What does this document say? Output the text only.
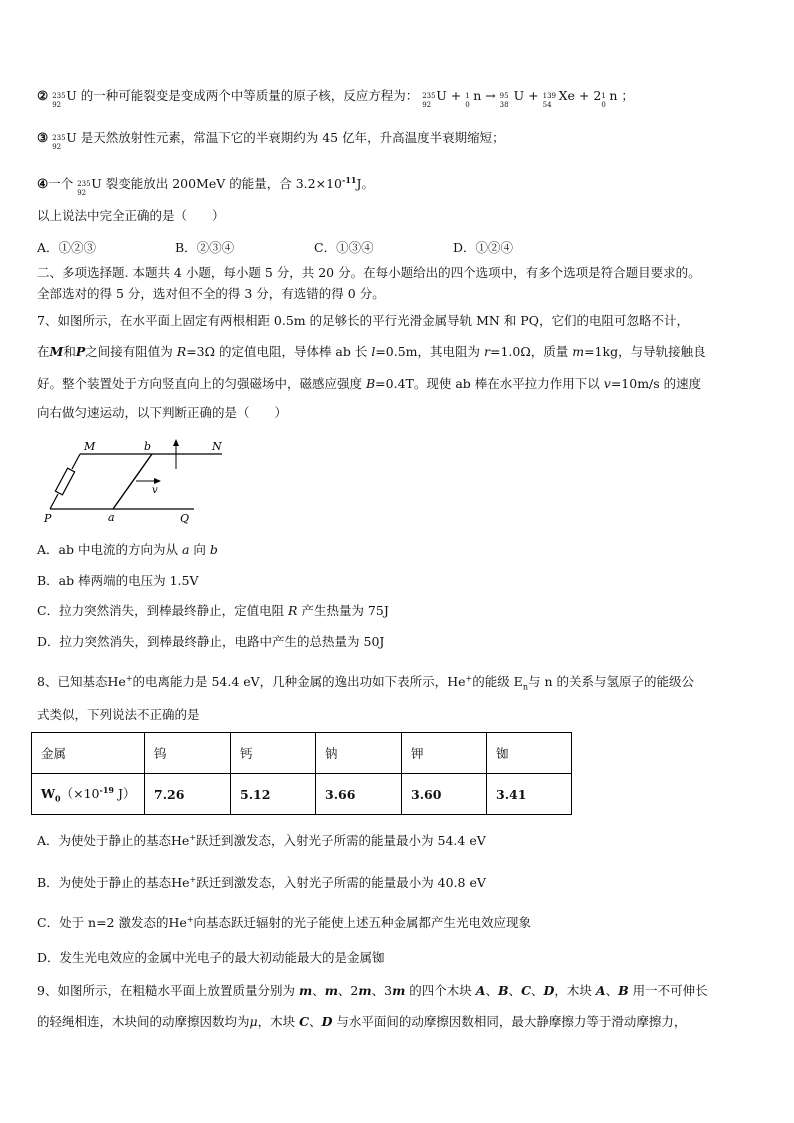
② 235
92
U 的一种可能裂变是变成两个中等质量的原子核，反应方程为： 235
92
U + 1
0
n → 95
38
U + 139
54
Xe + 2 1
0
n ；
③ 235
92
U 是天然放射性元素，常温下它的半衰期约为 45 亿年，升高温度半衰期缩短；
④一个 235
92
U 裂变能放出 200MeV 的能量，合 $3.2\times 10^{-11}J$。
以上说法中完全正确的是（　　）
A．①②③	B．②③④	C．①③④	D．①②④
二、多项选择题. 本题共 4 小题，每小题 5 分，共 20 分。在每小题给出的四个选项中，有多个选项是符合题目要求的。
全部选对的得 5 分，选对但不全的得 3 分，有选错的得 0 分。
7、如图所示，在水平面上固定有两根相距 0.5m 的足够长的平行光滑金属导轨 MN 和 PQ，它们的电阻可忽略不计，
在M和P之间接有阻值为 R=3Ω 的定值电阻，导体棒 ab 长 l=0.5m，其电阻为 r=1.0Ω，质量 m=1kg，与导轨接触良
好。整个装置处于方向竖直向上的匀强磁场中，磁感应强度 B=0.4T。现使 ab 棒在水平拉力作用下以 v=10m/s 的速度
向右做匀速运动，以下判断正确的是（　　）
M	b	N
P	a	Q
v
A．ab 中电流的方向为从 a 向 b
B．ab 棒两端的电压为 1.5V
C．拉力突然消失，到棒最终静止，定值电阻 R 产生热量为 75J
D．拉力突然消失，到棒最终静止，电路中产生的总热量为 50J
8、已知基态He+的电离能力是 54.4 eV，几种金属的逸出功如下表所示，He+的能级 $E_n$与 n 的关系与氢原子的能级公
式类似，下列说法不正确的是
金属	钨	钙	钠	钾	铷
$W_0(\times 10^{-19}$ J）	7.26	5.12	3.66	3.60	3.41
A．为使处于静止的基态He+跃迁到激发态，入射光子所需的能量最小为 54.4 eV
B．为使处于静止的基态He+跃迁到激发态，入射光子所需的能量最小为 40.8 eV
C．处于 n=2 激发态的He+向基态跃迁辐射的光子能使上述五种金属都产生光电效应现象
D．发生光电效应的金属中光电子的最大初动能最大的是金属铷
9、如图所示，在粗糙水平面上放置质量分别为 m、m、2m、3m 的四个木块 A、B、C、D，木块 A、B 用一不可伸长
的轻绳相连，木块间的动摩擦因数均为μ，木块 C、D 与水平面间的动摩擦因数相同，最大静摩擦力等于滑动摩擦力，
